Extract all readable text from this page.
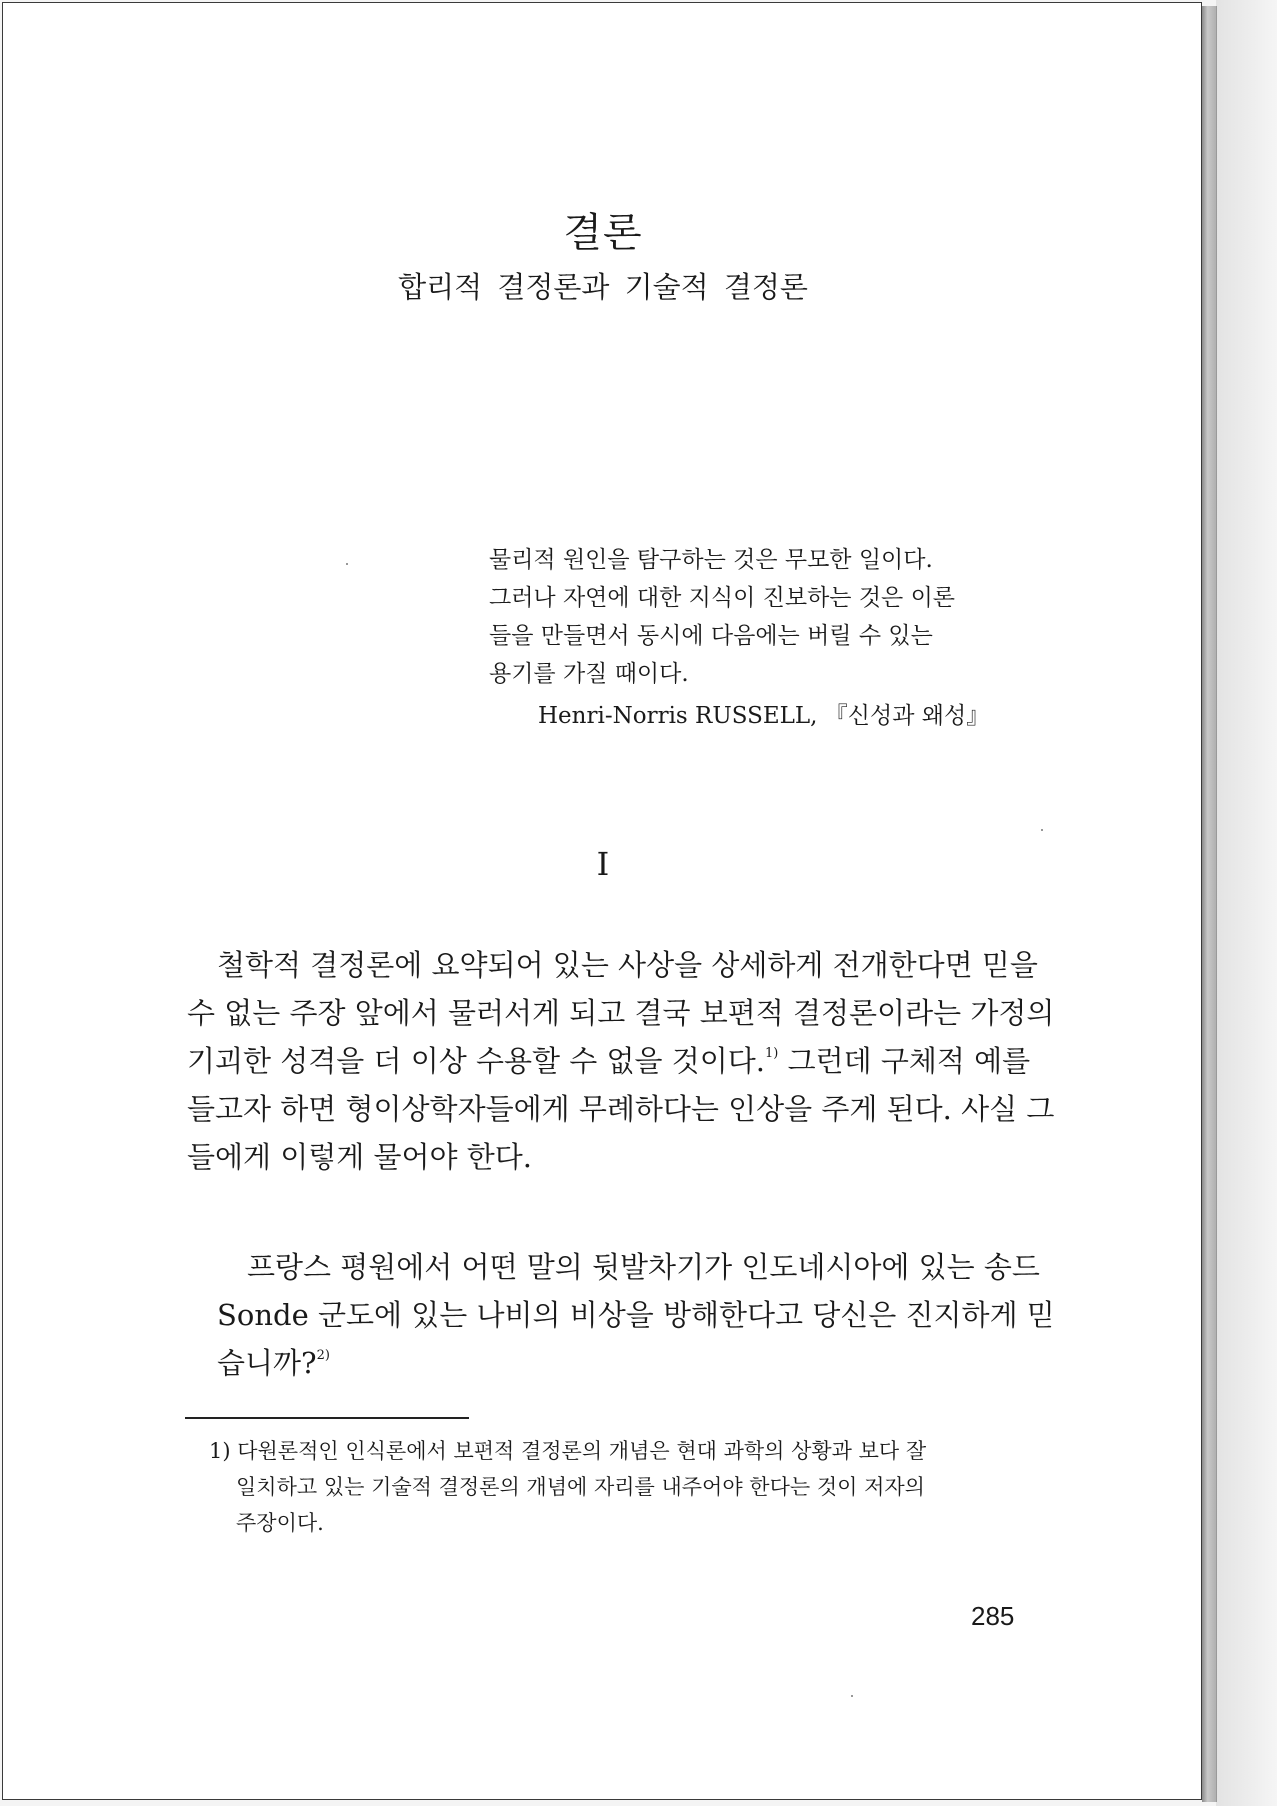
결론
합리적 결정론과 기술적 결정론
물리적 원인을 탐구하는 것은 무모한 일이다.
그러나 자연에 대한 지식이 진보하는 것은 이론
들을 만들면서 동시에 다음에는 버릴 수 있는
용기를 가질 때이다.
Henri-Norris RUSSELL, 『신성과 왜성』
I
철학적 결정론에 요약되어 있는 사상을 상세하게 전개한다면 믿을
수 없는 주장 앞에서 물러서게 되고 결국 보편적 결정론이라는 가정의
기괴한 성격을 더 이상 수용할 수 없을 것이다.$^{1)}$ 그런데 구체적 예를
들고자 하면 형이상학자들에게 무례하다는 인상을 주게 된다. 사실 그
들에게 이렇게 물어야 한다.
프랑스 평원에서 어떤 말의 뒷발차기가 인도네시아에 있는 송드
Sonde 군도에 있는 나비의 비상을 방해한다고 당신은 진지하게 믿
습니까?$^{2)}$
1) 다원론적인 인식론에서 보편적 결정론의 개념은 현대 과학의 상황과 보다 잘
일치하고 있는 기술적 결정론의 개념에 자리를 내주어야 한다는 것이 저자의
주장이다.
285
